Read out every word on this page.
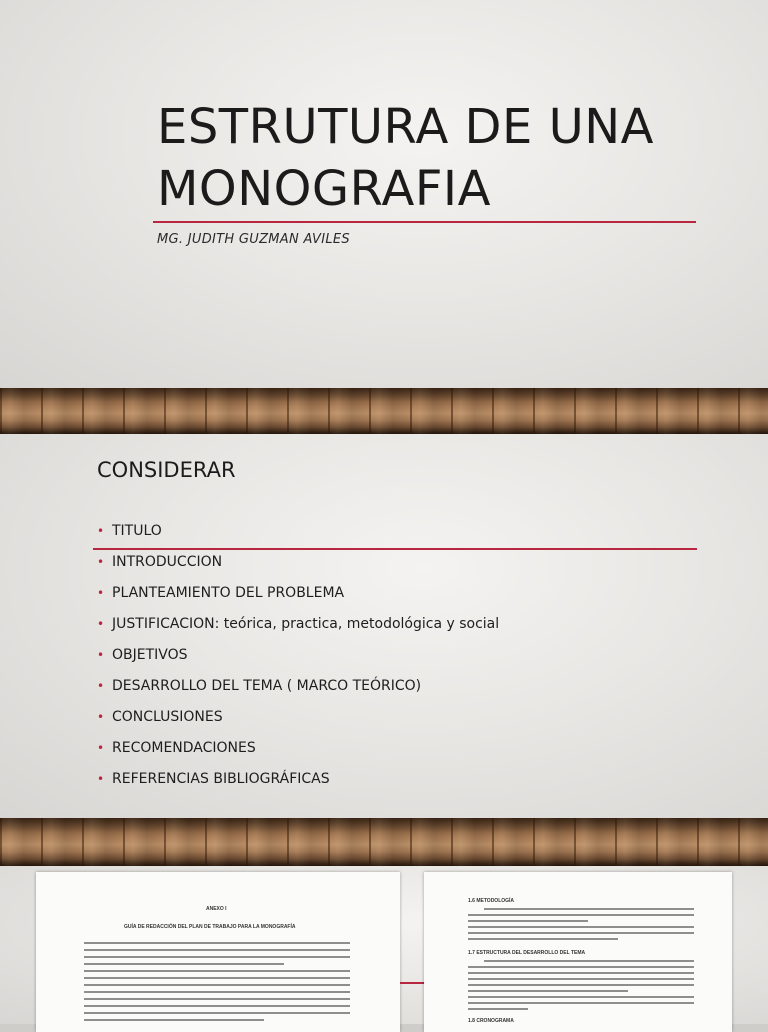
ESTRUTURA DE UNA
MONOGRAFIA
MG. JUDITH GUZMAN AVILES
CONSIDERAR
• TITULO
• INTRODUCCION
• PLANTEAMIENTO DEL PROBLEMA
• JUSTIFICACION: teórica, practica, metodológica y social
• OBJETIVOS
• DESARROLLO DEL TEMA ( MARCO TEÓRICO)
• CONCLUSIONES
• RECOMENDACIONES
• REFERENCIAS BIBLIOGRÁFICAS
ANEXO I
GUÍA DE REDACCIÓN DEL PLAN DE TRABAJO PARA LA MONOGRAFÍA
1.6 METODOLOGÍA
1.7 ESTRUCTURA DEL DESARROLLO DEL TEMA
1.8 CRONOGRAMA
